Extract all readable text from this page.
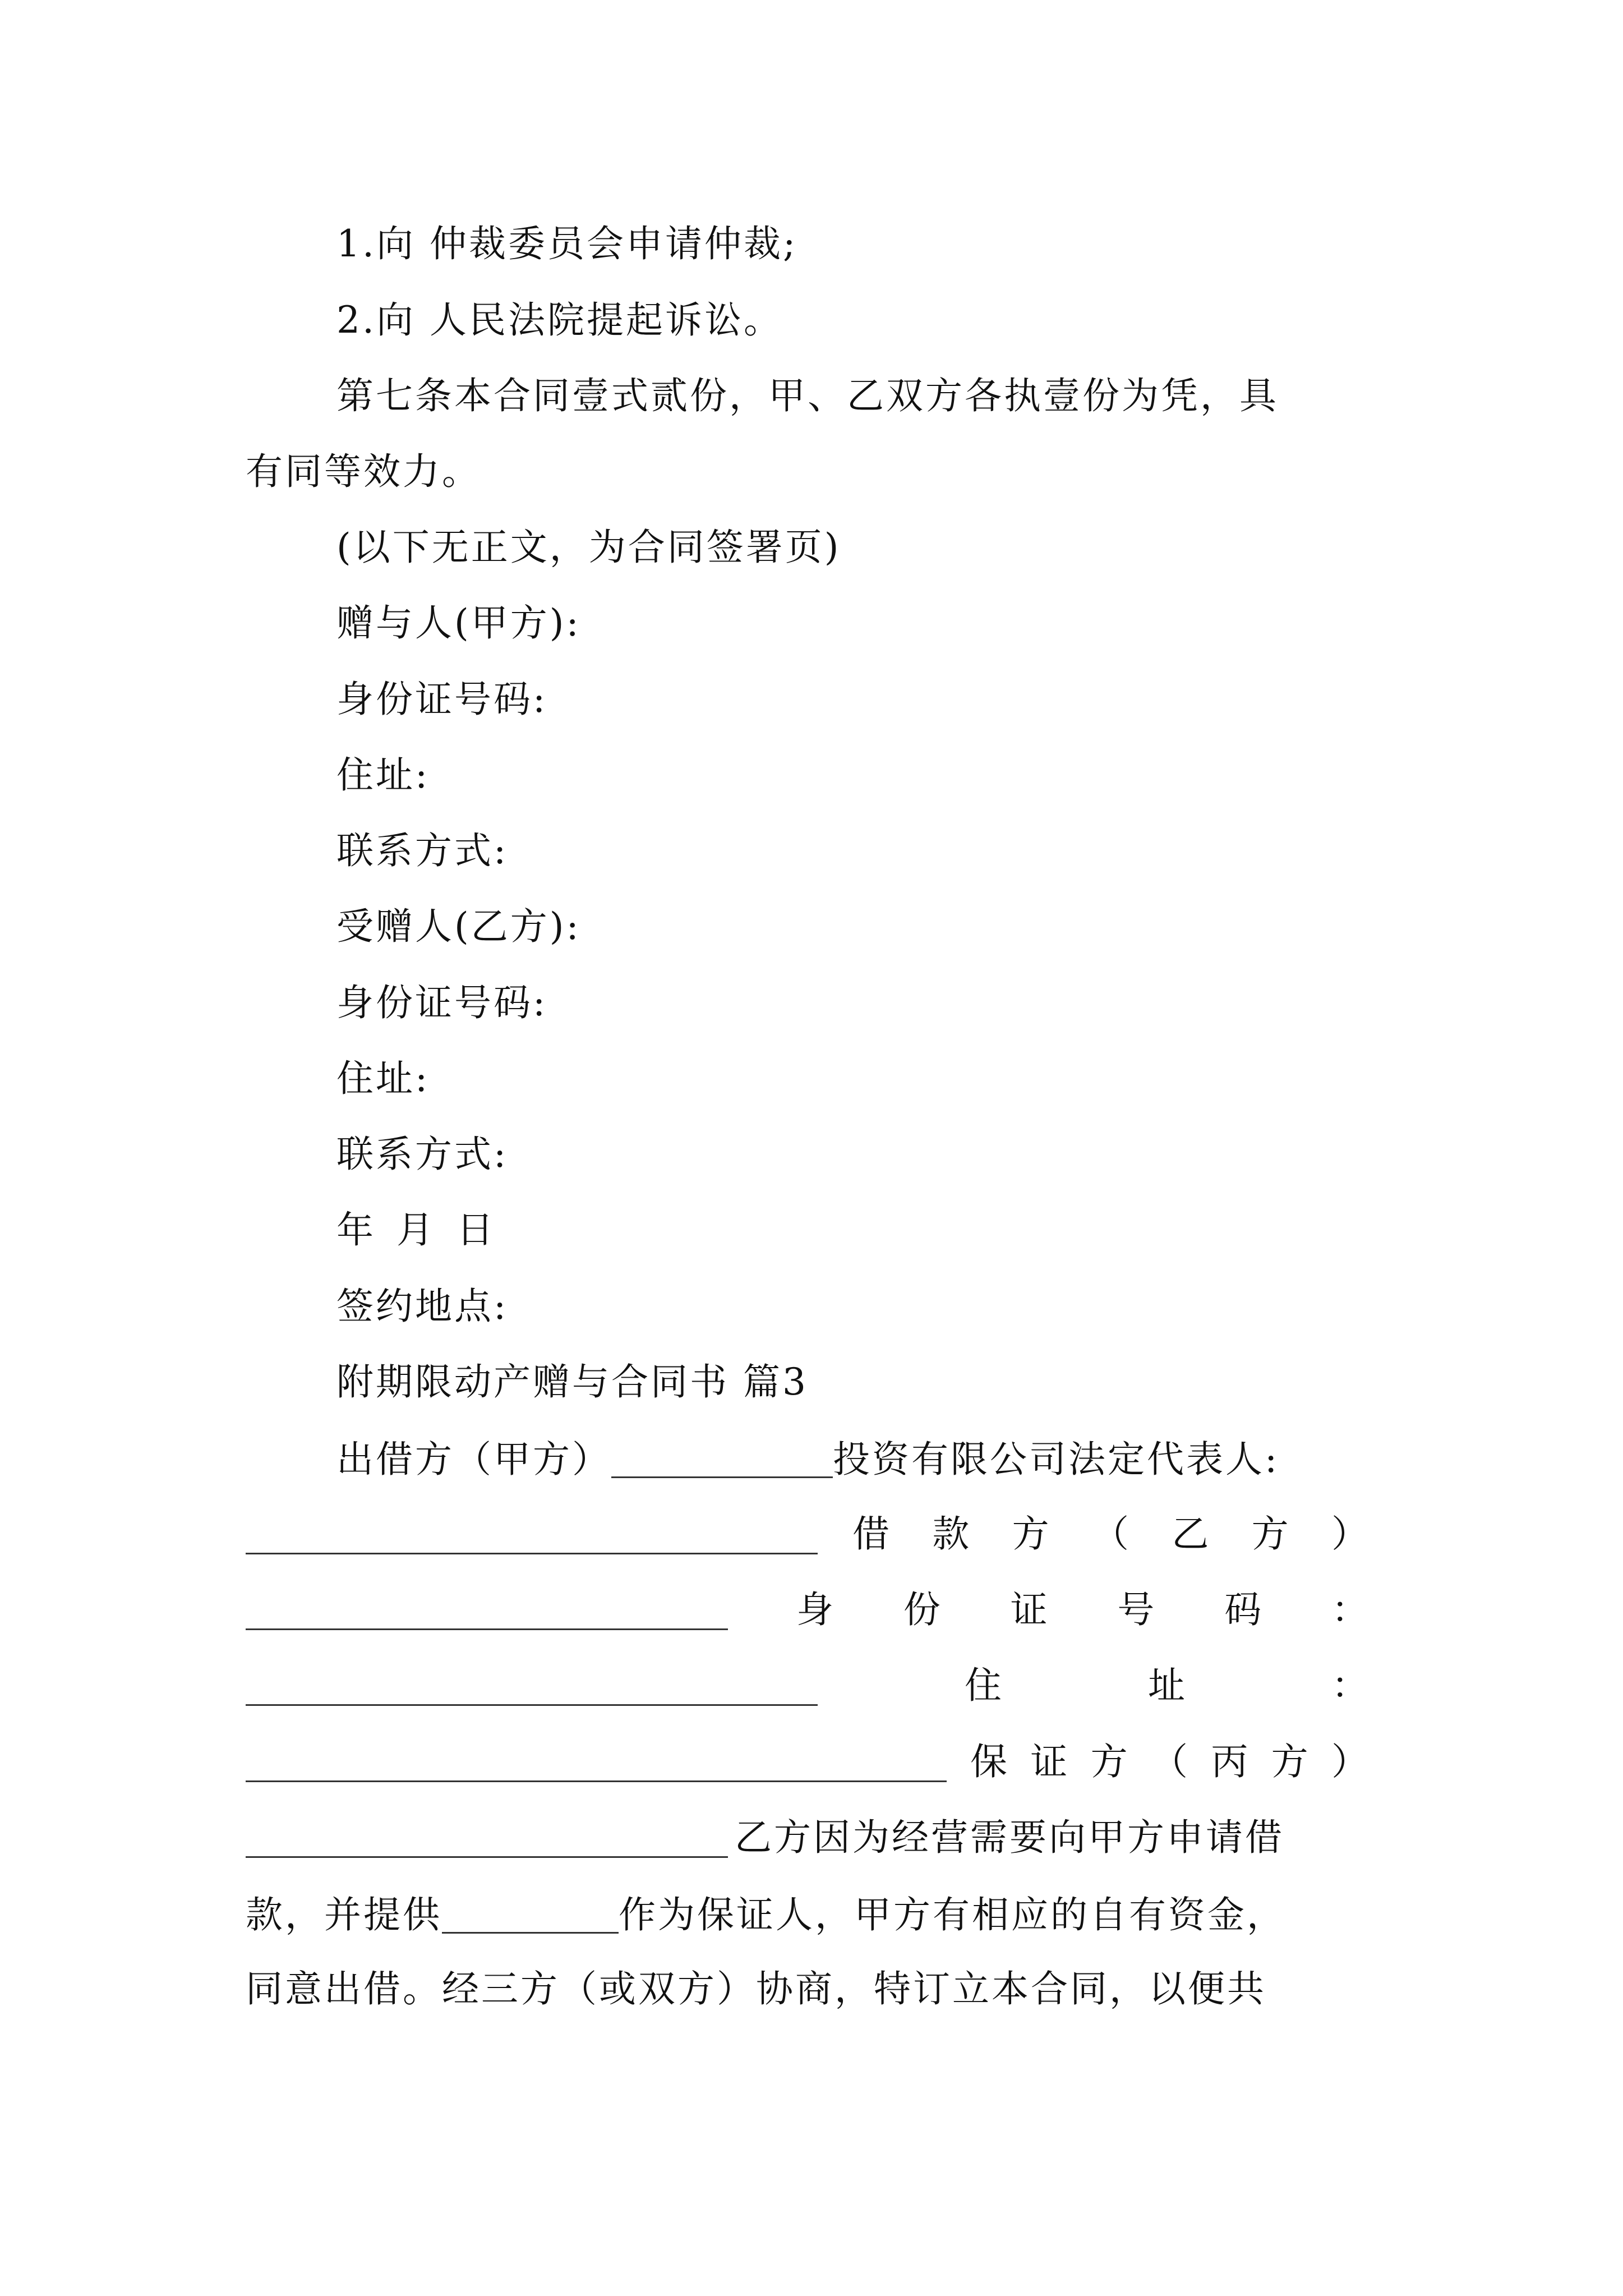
1.向 仲裁委员会申请仲裁;
2.向 人民法院提起诉讼。
第七条本合同壹式贰份，甲、乙双方各执壹份为凭，具
有同等效力。
(以下无正文，为合同签署页)
赠与人(甲方):
身份证号码:
住址:
联系方式:
受赠人(乙方):
身份证号码:
住址:
联系方式:
年 月 日
签约地点:
附期限动产赠与合同书 篇3
出借方（甲方）	投资有限公司法定代表人:
借 款 方 （ 乙 方 ）
身 份 证 号 码 ：
住	址	：
保 证 方 （ 丙 方 ）
乙方因为经营需要向甲方申请借
款，并提供	作为保证人，甲方有相应的自有资金，
同意出借。经三方（或双方）协商，特订立本合同，以便共
